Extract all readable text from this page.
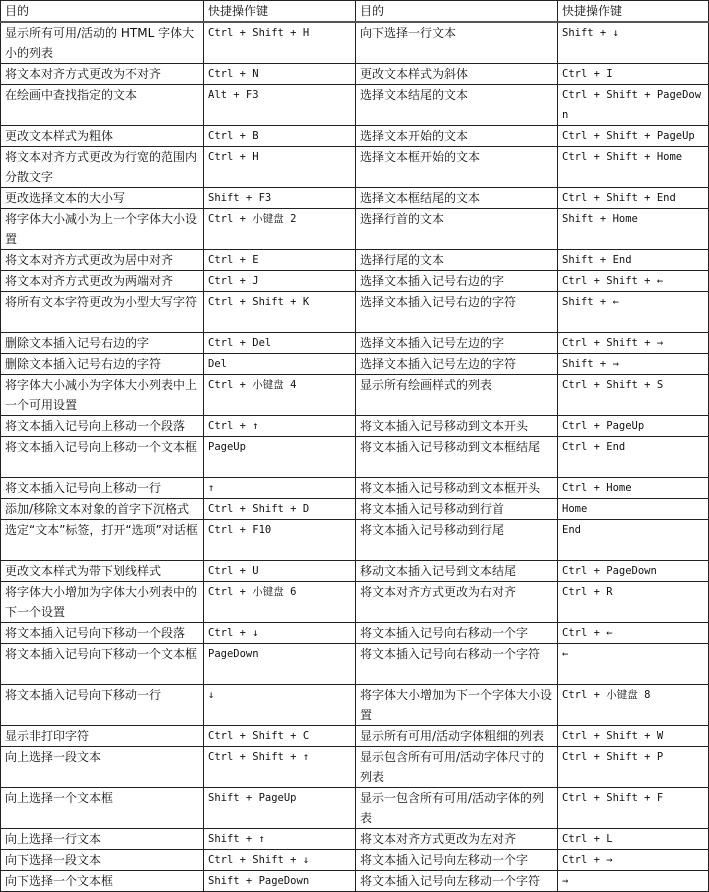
目的	快捷操作键	目的	快捷操作键
显示所有可用/活动的 HTML 字体大小的列表	Ctrl + Shift + H	向下选择一行文本	Shift + ↓
将文本对齐方式更改为不对齐	Ctrl + N	更改文本样式为斜体	Ctrl + I
在绘画中查找指定的文本	Alt + F3	选择文本结尾的文本	Ctrl + Shift + PageDown
更改文本样式为粗体	Ctrl + B	选择文本开始的文本	Ctrl + Shift + PageUp
将文本对齐方式更改为行宽的范围内分散文字	Ctrl + H	选择文本框开始的文本	Ctrl + Shift + Home
更改选择文本的大小写	Shift + F3	选择文本框结尾的文本	Ctrl + Shift + End
将字体大小减小为上一个字体大小设置	Ctrl + 小键盘 2	选择行首的文本	Shift + Home
将文本对齐方式更改为居中对齐	Ctrl + E	选择行尾的文本	Shift + End
将文本对齐方式更改为两端对齐	Ctrl + J	选择文本插入记号右边的字	Ctrl + Shift + ←
将所有文本字符更改为小型大写字符	Ctrl + Shift + K	选择文本插入记号右边的字符	Shift + ←
删除文本插入记号右边的字	Ctrl + Del	选择文本插入记号左边的字	Ctrl + Shift + →
删除文本插入记号右边的字符	Del	选择文本插入记号左边的字符	Shift + →
将字体大小减小为字体大小列表中上一个可用设置	Ctrl + 小键盘 4	显示所有绘画样式的列表	Ctrl + Shift + S
将文本插入记号向上移动一个段落	Ctrl + ↑	将文本插入记号移动到文本开头	Ctrl + PageUp
将文本插入记号向上移动一个文本框	PageUp	将文本插入记号移动到文本框结尾	Ctrl + End
将文本插入记号向上移动一行	↑	将文本插入记号移动到文本框开头	Ctrl + Home
添加/移除文本对象的首字下沉格式	Ctrl + Shift + D	将文本插入记号移动到行首	Home
选定“文本”标签，打开“选项”对话框	Ctrl + F10	将文本插入记号移动到行尾	End
更改文本样式为带下划线样式	Ctrl + U	移动文本插入记号到文本结尾	Ctrl + PageDown
将字体大小增加为字体大小列表中的下一个设置	Ctrl + 小键盘 6	将文本对齐方式更改为右对齐	Ctrl + R
将文本插入记号向下移动一个段落	Ctrl + ↓	将文本插入记号向右移动一个字	Ctrl + ←
将文本插入记号向下移动一个文本框	PageDown	将文本插入记号向右移动一个字符	←
将文本插入记号向下移动一行	↓	将字体大小增加为下一个字体大小设置	Ctrl + 小键盘 8
显示非打印字符	Ctrl + Shift + C	显示所有可用/活动字体粗细的列表	Ctrl + Shift + W
向上选择一段文本	Ctrl + Shift + ↑	显示包含所有可用/活动字体尺寸的列表	Ctrl + Shift + P
向上选择一个文本框	Shift + PageUp	显示一包含所有可用/活动字体的列表	Ctrl + Shift + F
向上选择一行文本	Shift + ↑	将文本对齐方式更改为左对齐	Ctrl + L
向下选择一段文本	Ctrl + Shift + ↓	将文本插入记号向左移动一个字	Ctrl + →
向下选择一个文本框	Shift + PageDown	将文本插入记号向左移动一个字符	→
